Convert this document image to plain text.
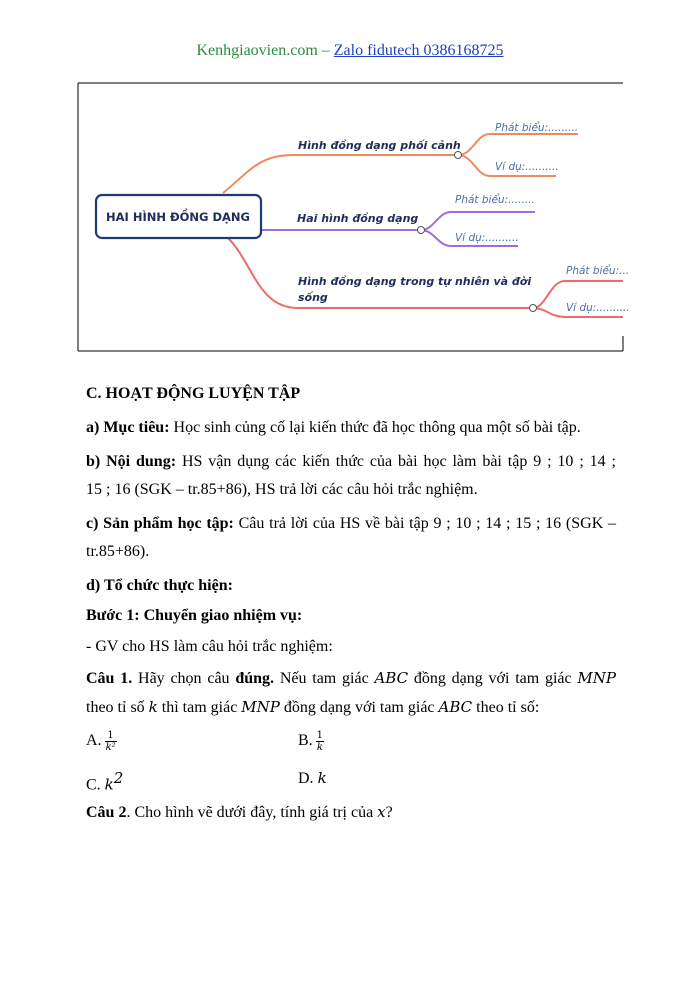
Kenhgiaovien.com – Zalo fidutech 0386168725
HAI HÌNH ĐỒNG DẠNG
Hình đồng dạng phối cảnh
Hai hình đồng dạng
Hình đồng dạng trong tự nhiên và đời
sống
Phát biểu:.........
Ví dụ:..........
Phát biểu:........
Ví dụ:..........
Phát biểu:...
Ví dụ:..........
C. HOẠT ĐỘNG LUYỆN TẬP
a) Mục tiêu: Học sinh củng cố lại kiến thức đã học thông qua một số bài tập.
b) Nội dung: HS vận dụng các kiến thức của bài học làm bài tập 9 ; 10 ; 14 ;
15 ; 16 (SGK – tr.85+86), HS trả lời các câu hỏi trắc nghiệm.
c) Sản phẩm học tập: Câu trả lời của HS về bài tập 9 ; 10 ; 14 ; 15 ; 16 (SGK –
tr.85+86).
d) Tổ chức thực hiện:
Bước 1: Chuyển giao nhiệm vụ:
- GV cho HS làm câu hỏi trắc nghiệm:
Câu 1. Hãy chọn câu đúng. Nếu tam giác ABC đồng dạng với tam giác MNP
theo tỉ số k thì tam giác MNP đồng dạng với tam giác ABC theo tỉ số:
A. $\frac{1}{\text{k²}}$	B. $\frac{1}{k}$
C. $k^2$	D. k
Câu 2. Cho hình vẽ dưới đây, tính giá trị của x?
